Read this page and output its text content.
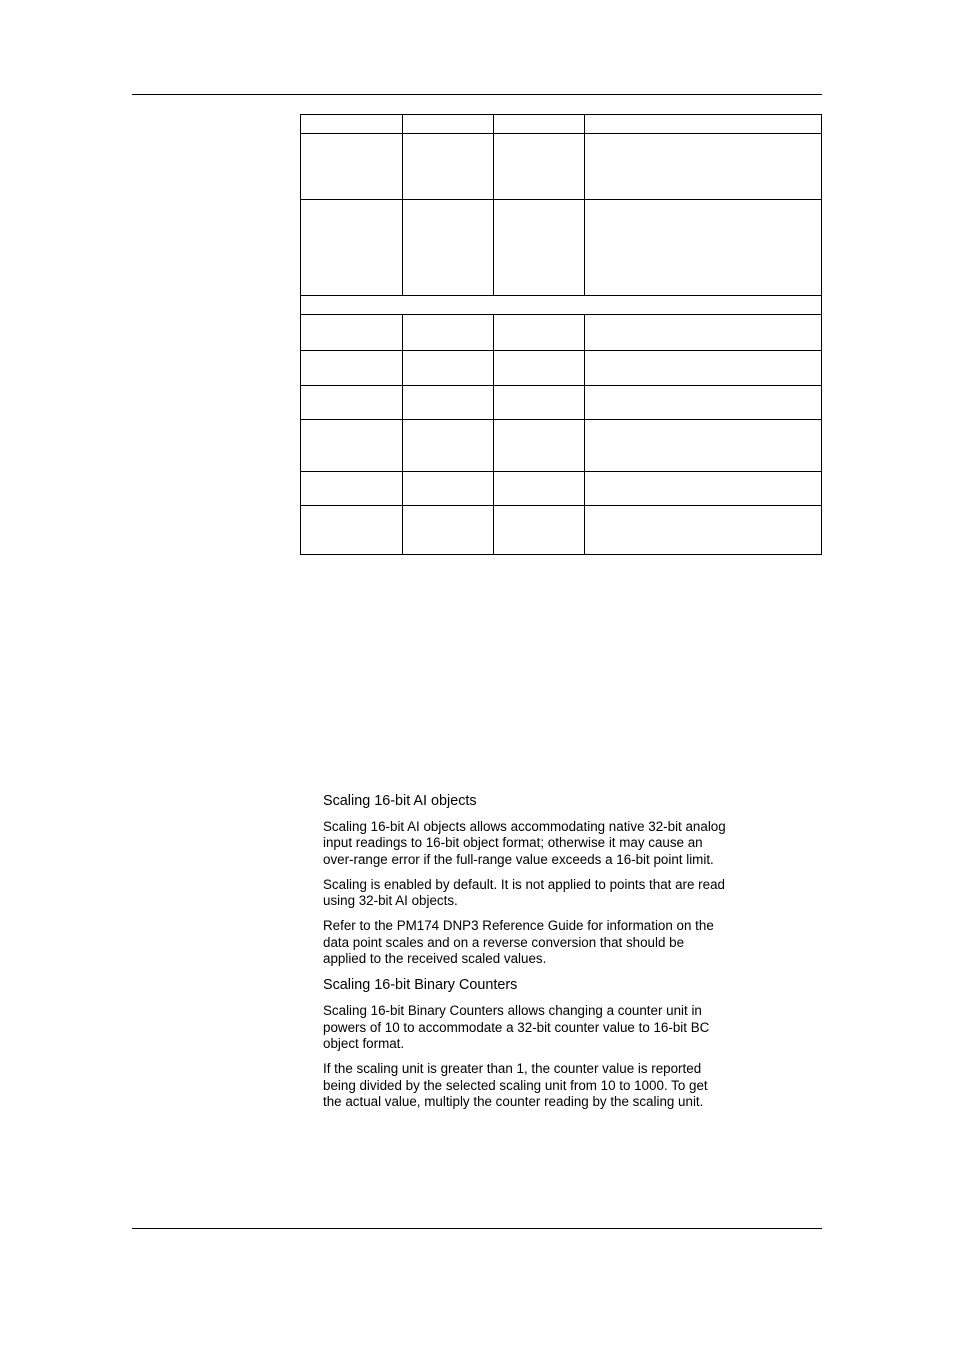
Scaling 16-bit AI objects

Scaling 16-bit AI objects allows accommodating native 32-bit analog input readings to 16-bit object format; otherwise it may cause an over-range error if the full-range value exceeds a 16-bit point limit.

Scaling is enabled by default. It is not applied to points that are read using 32-bit AI objects.

Refer to the PM174 DNP3 Reference Guide for information on the data point scales and on a reverse conversion that should be applied to the received scaled values.

Scaling 16-bit Binary Counters

Scaling 16-bit Binary Counters allows changing a counter unit in powers of 10 to accommodate a 32-bit counter value to 16-bit BC object format.

If the scaling unit is greater than 1, the counter value is reported being divided by the selected scaling unit from 10 to 1000. To get the actual value, multiply the counter reading by the scaling unit.
